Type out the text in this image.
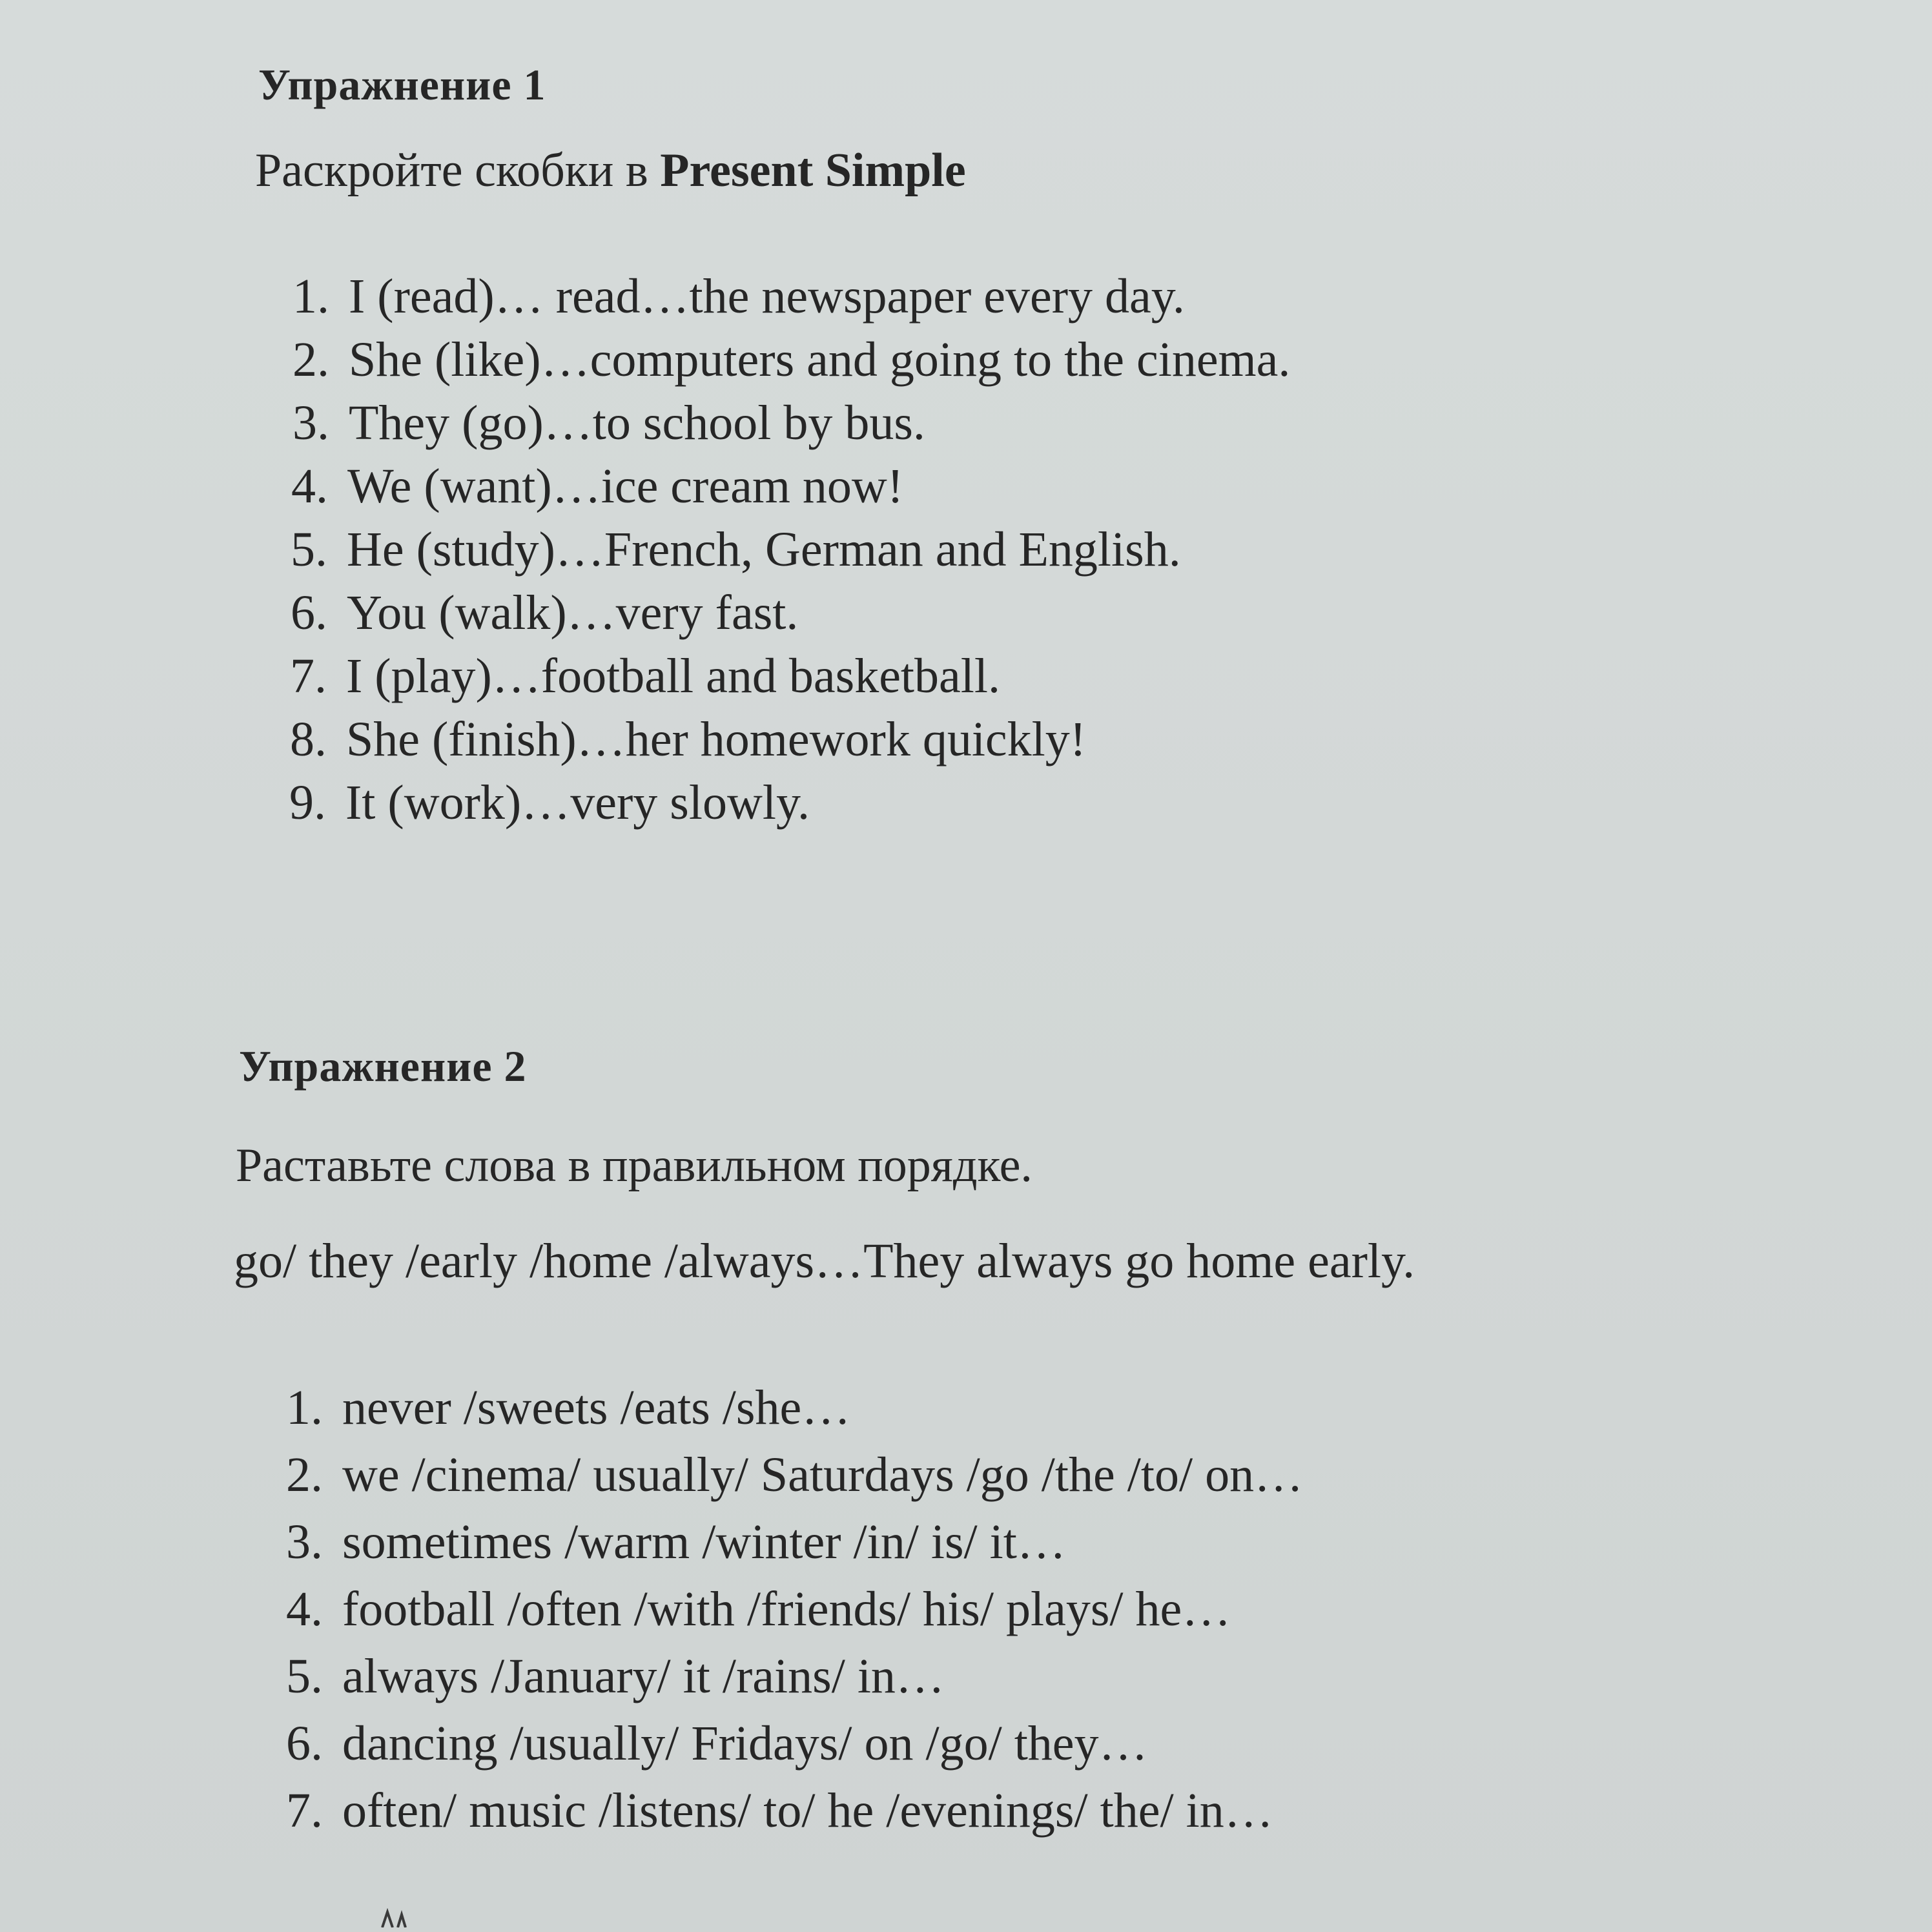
Упражнение 1
Раскройте скобки в Present Simple
1. I (read)… read…the newspaper every day.
2. She (like)…computers and going to the cinema.
3. They (go)…to school by bus.
4. We (want)…ice cream now!
5. He (study)…French, German and English.
6. You (walk)…very fast.
7. I (play)…football and basketball.
8. She (finish)…her homework quickly!
9. It (work)…very slowly.
Упражнение 2
Раставьте слова в правильном порядке.
go/ they /early /home /always…They always go home early.
1. never /sweets /eats /she…
2. we /cinema/ usually/ Saturdays /go /the /to/ on…
3. sometimes /warm /winter /in/ is/ it…
4. football /often /with /friends/ his/ plays/ he…
5. always /January/ it /rains/ in…
6. dancing /usually/ Fridays/ on /go/ they…
7. often/ music /listens/ to/ he /evenings/ the/ in…
